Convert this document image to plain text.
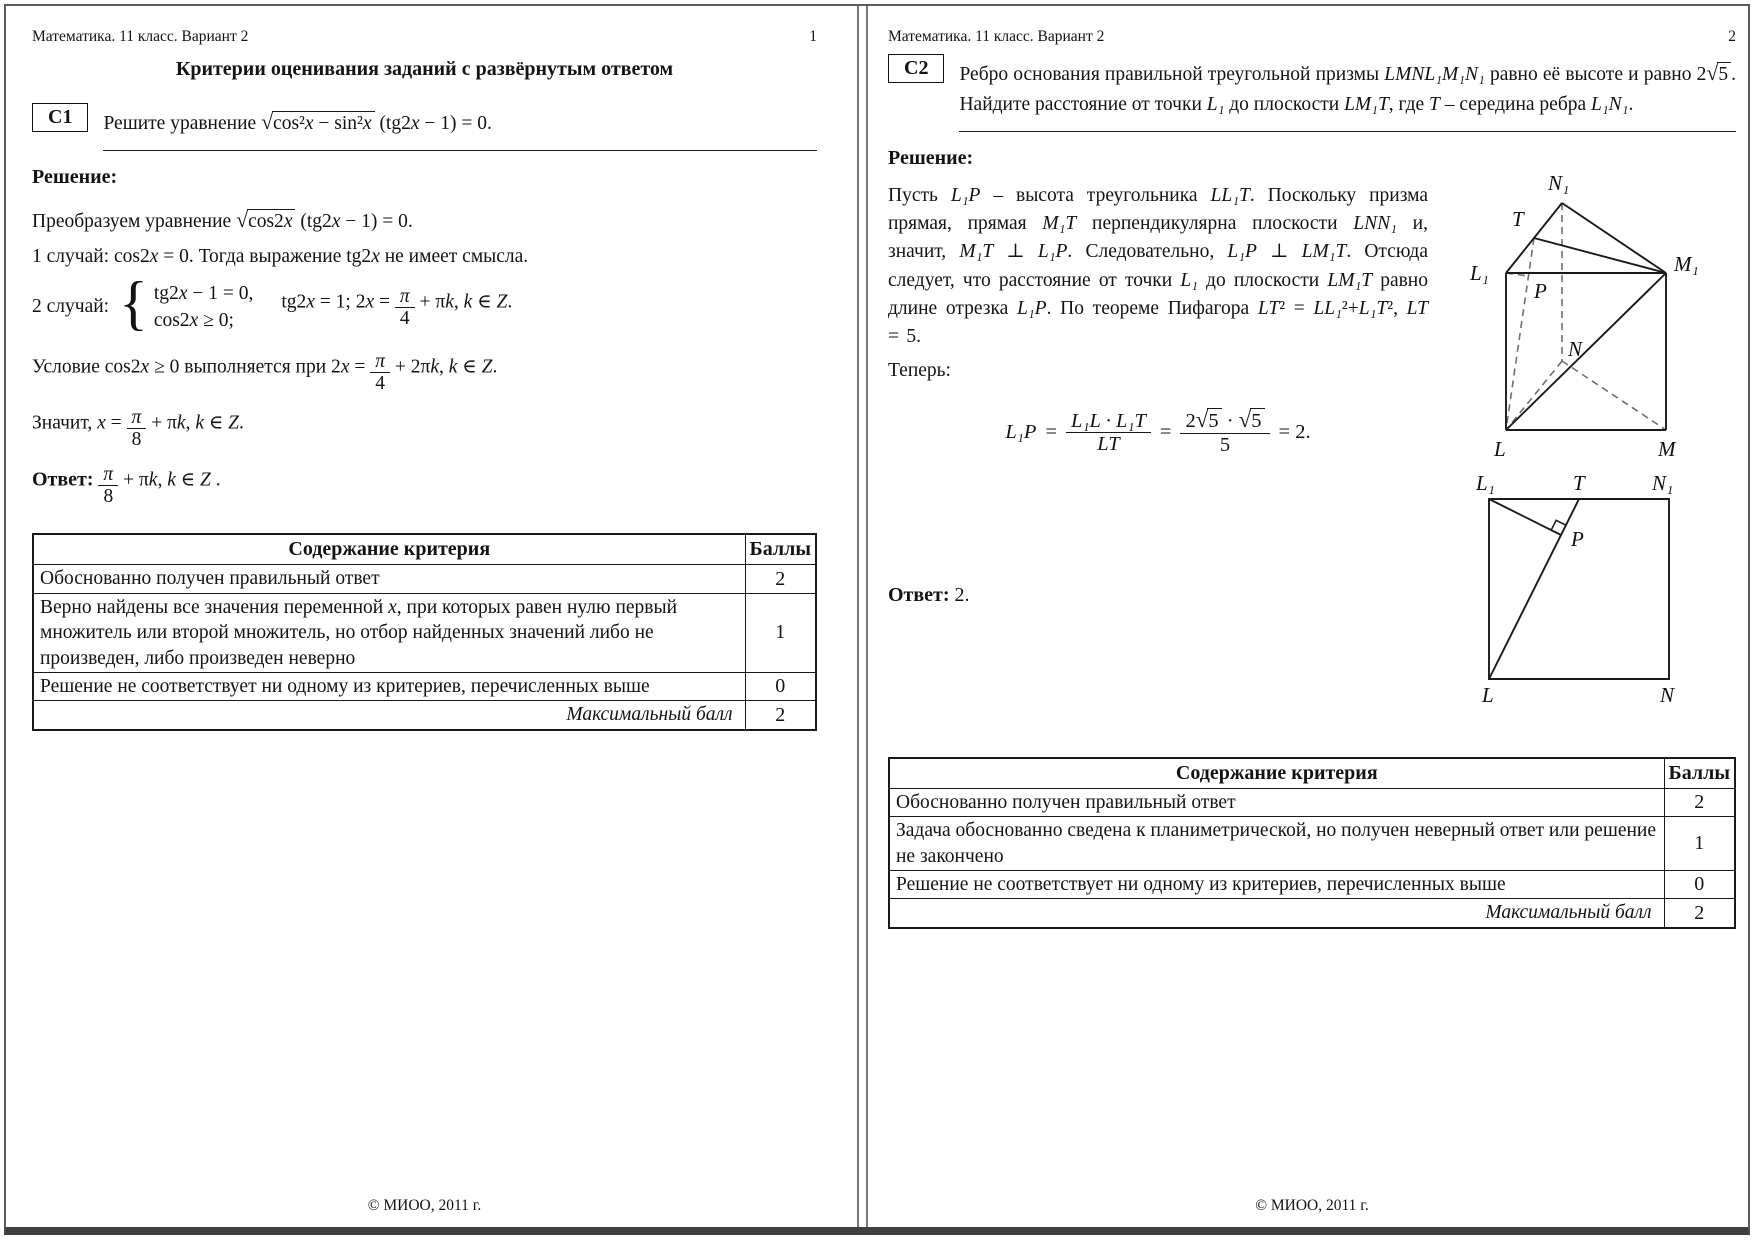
Математика. 11 класс. Вариант 2	1
Критерии оценивания заданий с развёрнутым ответом
С1	Решите уравнение √cos²x − sin²x (tg2x − 1) = 0.
Решение:
Преобразуем уравнение √cos2x (tg2x − 1) = 0.
1 случай: cos2x = 0. Тогда выражение tg2x не имеет смысла.
2 случай: { tg2x − 1 = 0,
cos2x ≥ 0;
tg2x = 1; $2x = \frac{\pi}{4} + \pi k$, k ∈ Z.
Условие cos2x ≥ 0 выполняется при $2x = \frac{\pi}{4} + 2\pi k$, k ∈ Z.
Значит, $x = \frac{\pi}{8} + \pi k$, k ∈ Z.
Ответ: $\frac{\pi}{8} + \pi k$, k ∈ Z .
Содержание критерия	Баллы
Обоснованно получен правильный ответ	2
Верно найдены все значения переменной x, при которых равен нулю первый множитель или второй множитель, но отбор найденных значений либо не произведен, либо произведен неверно	1
Решение не соответствует ни одному из критериев, перечисленных выше	0
Максимальный балл	2
© МИОО, 2011 г.
Математика. 11 класс. Вариант 2	2
С2	Ребро основания правильной треугольной призмы LMNL₁M₁N₁ равно её высоте и равно 2√5 . Найдите расстояние от точки L₁ до плоскости LM₁T, где T – середина ребра L₁N₁.
Решение:
Пусть L₁P – высота треугольника LL₁T. Поскольку призма прямая, прямая M₁T перпендикулярна плоскости LNN₁ и, значит, M₁T ⊥ L₁P. Следовательно, L₁P ⊥ LM₁T. Отсюда следует, что расстояние от точки L₁ до плоскости LM₁T равно длине отрезка L₁P. По теореме Пифагора LT² = LL₁²+L₁T², LT = 5.
Теперь:
$L_1P = \frac{\text{L₁L · L₁T}}{LT} = \frac{2√5 \cdot √5}{5} = 2$.
Ответ: 2.
N₁
T
L₁	M₁
P
N
L	M
L₁	T	N₁
P
L	N
Содержание критерия	Баллы
Обоснованно получен правильный ответ	2
Задача обоснованно сведена к планиметрической, но получен неверный ответ или решение не закончено	1
Решение не соответствует ни одному из критериев, перечисленных выше	0
Максимальный балл	2
© МИОО, 2011 г.
